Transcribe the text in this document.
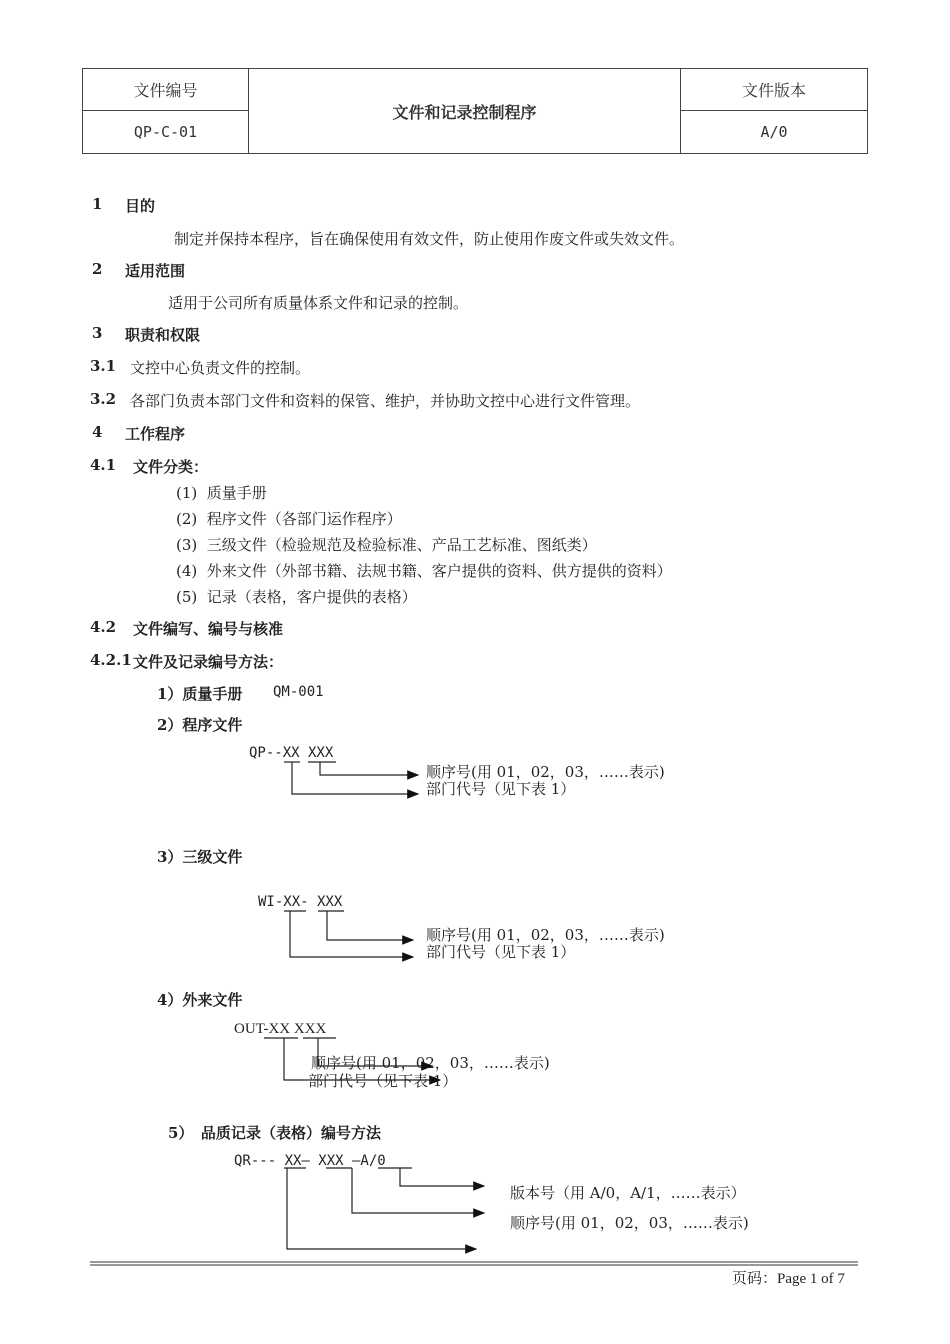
文件编号
QP-C-01
文件和记录控制程序
文件版本
A/0
1 目的
制定并保持本程序，旨在确保使用有效文件，防止使用作废文件或失效文件。
2 适用范围
适用于公司所有质量体系文件和记录的控制。
3 职责和权限
3.1 文控中心负责文件的控制。
3.2 各部门负责本部门文件和资料的保管、维护，并协助文控中心进行文件管理。
4 工作程序
4.1 文件分类：
(1) 质量手册
(2) 程序文件（各部门运作程序）
(3) 三级文件（检验规范及检验标准、产品工艺标准、图纸类）
(4) 外来文件（外部书籍、法规书籍、客户提供的资料、供方提供的资料）
(5) 记录（表格，客户提供的表格）
4.2 文件编写、编号与核准
4.2.1 文件及记录编号方法：
1）质量手册 QM-001
2）程序文件
QP--XX XXX
顺序号(用 01，02，03，……表示)
部门代号（见下表 1）
3）三级文件
WI-XX- XXX
顺序号(用 01，02，03，……表示)
部门代号（见下表 1）
4）外来文件
OUT-XX XXX
顺序号(用 01，02，03，……表示)
部门代号（见下表 1）
5）　品质记录（表格）编号方法
QR--- XX— XXX —A/0
版本号（用 A/0，A/1，……表示）
顺序号(用 01，02，03，……表示)
页码：Page 1 of 7
